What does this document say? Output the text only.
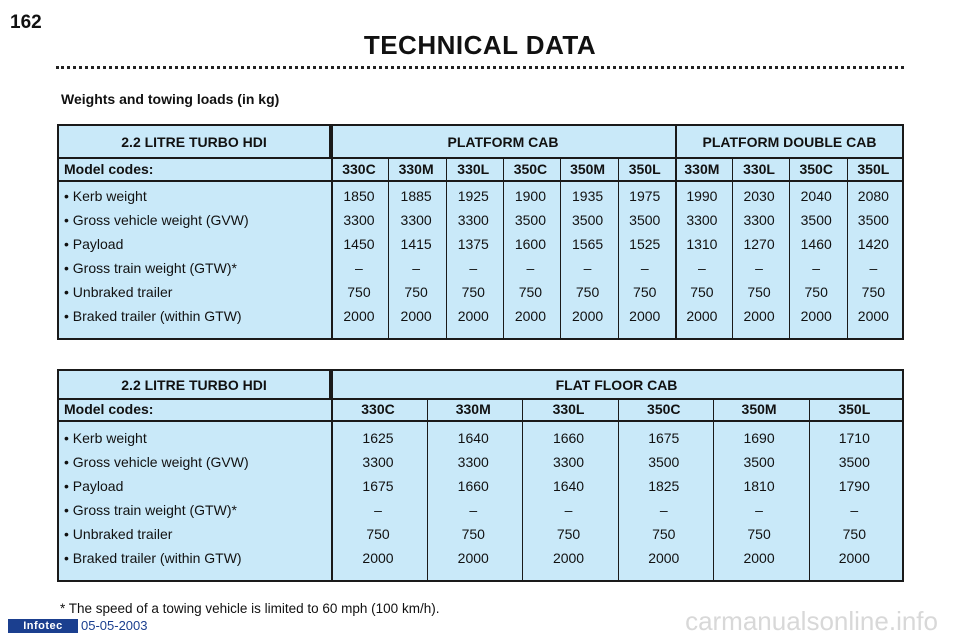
162
TECHNICAL DATA
Weights and towing loads (in kg)
2.2 LITRE TURBO HDI	PLATFORM CAB	PLATFORM DOUBLE CAB
Model codes:	330C	330M	330L	350C	350M	350L	330M	330L	350C	350L
• Kerb weight	1850	1885	1925	1900	1935	1975	1990	2030	2040	2080
• Gross vehicle weight (GVW)	3300	3300	3300	3500	3500	3500	3300	3300	3500	3500
• Payload	1450	1415	1375	1600	1565	1525	1310	1270	1460	1420
• Gross train weight (GTW)*	–	–	–	–	–	–	–	–	–	–
• Unbraked trailer	750	750	750	750	750	750	750	750	750	750
• Braked trailer (within GTW)	2000	2000	2000	2000	2000	2000	2000	2000	2000	2000
2.2 LITRE TURBO HDI	FLAT FLOOR CAB
Model codes:	330C	330M	330L	350C	350M	350L
• Kerb weight	1625	1640	1660	1675	1690	1710
• Gross vehicle weight (GVW)	3300	3300	3300	3500	3500	3500
• Payload	1675	1660	1640	1825	1810	1790
• Gross train weight (GTW)*	–	–	–	–	–	–
• Unbraked trailer	750	750	750	750	750	750
• Braked trailer (within GTW)	2000	2000	2000	2000	2000	2000
* The speed of a towing vehicle is limited to 60 mph (100 km/h).
Infotec	05-05-2003	carmanualsonline.info
